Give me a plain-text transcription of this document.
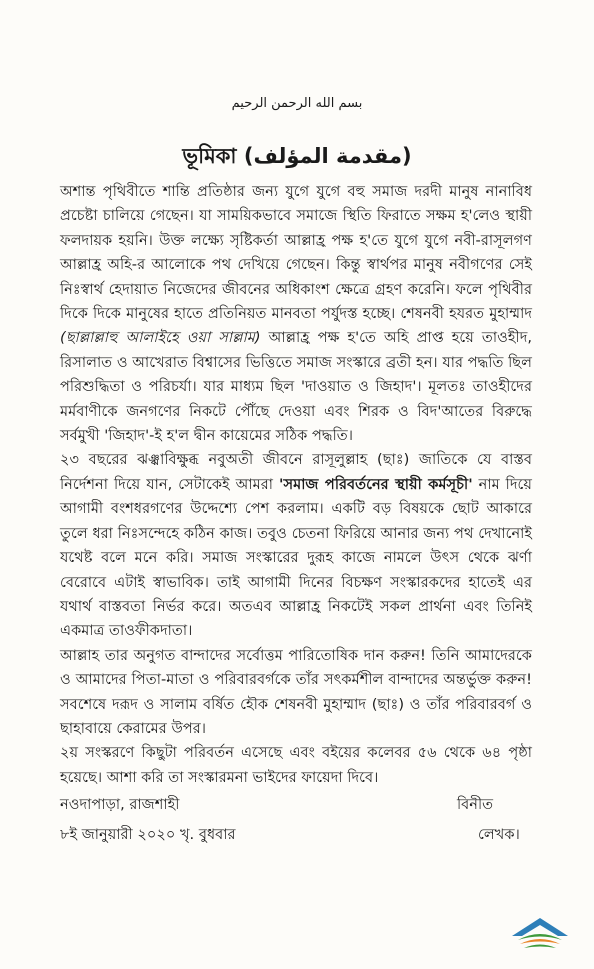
بسم الله الرحمن الرحيم
ভূমিকা (مقدمة المؤلف)

অশান্ত পৃথিবীতে শান্তি প্রতিষ্ঠার জন্য যুগে যুগে বহু সমাজ দরদী মানুষ নানাবিধ প্রচেষ্টা চালিয়ে গেছেন। যা সাময়িকভাবে সমাজে স্থিতি ফিরাতে সক্ষম হ'লেও স্থায়ী ফলদায়ক হয়নি। উক্ত লক্ষ্যে সৃষ্টিকর্তা আল্লাহ্র পক্ষ হ'তে যুগে যুগে নবী-রাসূলগণ আল্লাহ্র অহি-র আলোকে পথ দেখিয়ে গেছেন। কিন্তু স্বার্থপর মানুষ নবীগণের সেই নিঃস্বার্থ হেদায়াত নিজেদের জীবনের অধিকাংশ ক্ষেত্রে গ্রহণ করেনি। ফলে পৃথিবীর দিকে দিকে মানুষের হাতে প্রতিনিয়ত মানবতা পর্যুদস্ত হচ্ছে। শেষনবী হযরত মুহাম্মাদ (ছাল্লাল্লাহু আলাইহে ওয়া সাল্লাম) আল্লাহ্র পক্ষ হ'তে অহি প্রাপ্ত হয়ে তাওহীদ, রিসালাত ও আখেরাত বিশ্বাসের ভিত্তিতে সমাজ সংস্কারে ব্রতী হন। যার পদ্ধতি ছিল পরিশুদ্ধিতা ও পরিচর্যা। যার মাধ্যম ছিল 'দাওয়াত ও জিহাদ'। মূলতঃ তাওহীদের মর্মবাণীকে জনগণের নিকটে পৌঁছে দেওয়া এবং শিরক ও বিদ'আতের বিরুদ্ধে সর্বমুখী 'জিহাদ'-ই হ'ল দ্বীন কায়েমের সঠিক পদ্ধতি।

২৩ বছরের ঝঞ্ঝাবিক্ষুব্ধ নবুঅতী জীবনে রাসূলুল্লাহ (ছাঃ) জাতিকে যে বাস্তব নির্দেশনা দিয়ে যান, সেটাকেই আমরা 'সমাজ পরিবর্তনের স্থায়ী কর্মসূচী' নাম দিয়ে আগামী বংশধরগণের উদ্দেশ্যে পেশ করলাম। একটি বড় বিষয়কে ছোট আকারে তুলে ধরা নিঃসন্দেহে কঠিন কাজ। তবুও চেতনা ফিরিয়ে আনার জন্য পথ দেখানোই যথেষ্ট বলে মনে করি। সমাজ সংস্কারের দুরূহ কাজে নামলে উৎস থেকে ঝর্ণা বেরোবে এটাই স্বাভাবিক। তাই আগামী দিনের বিচক্ষণ সংস্কারকদের হাতেই এর যথার্থ বাস্তবতা নির্ভর করে। অতএব আল্লাহ্র নিকটেই সকল প্রার্থনা এবং তিনিই একমাত্র তাওফীকদাতা।

আল্লাহ তার অনুগত বান্দাদের সর্বোত্তম পারিতোষিক দান করুন! তিনি আমাদেরকে ও আমাদের পিতা-মাতা ও পরিবারবর্গকে তাঁর সৎকর্মশীল বান্দাদের অন্তর্ভুক্ত করুন! সবশেষে দরূদ ও সালাম বর্ষিত হৌক শেষনবী মুহাম্মাদ (ছাঃ) ও তাঁর পরিবারবর্গ ও ছাহাবায়ে কেরামের উপর।

২য় সংস্করণে কিছুটা পরিবর্তন এসেছে এবং বইয়ের কলেবর ৫৬ থেকে ৬৪ পৃষ্ঠা হয়েছে। আশা করি তা সংস্কারমনা ভাইদের ফায়েদা দিবে।

নওদাপাড়া, রাজশাহী	বিনীত
৮ই জানুয়ারী ২০২০ খৃ. বুধবার	লেখক।
